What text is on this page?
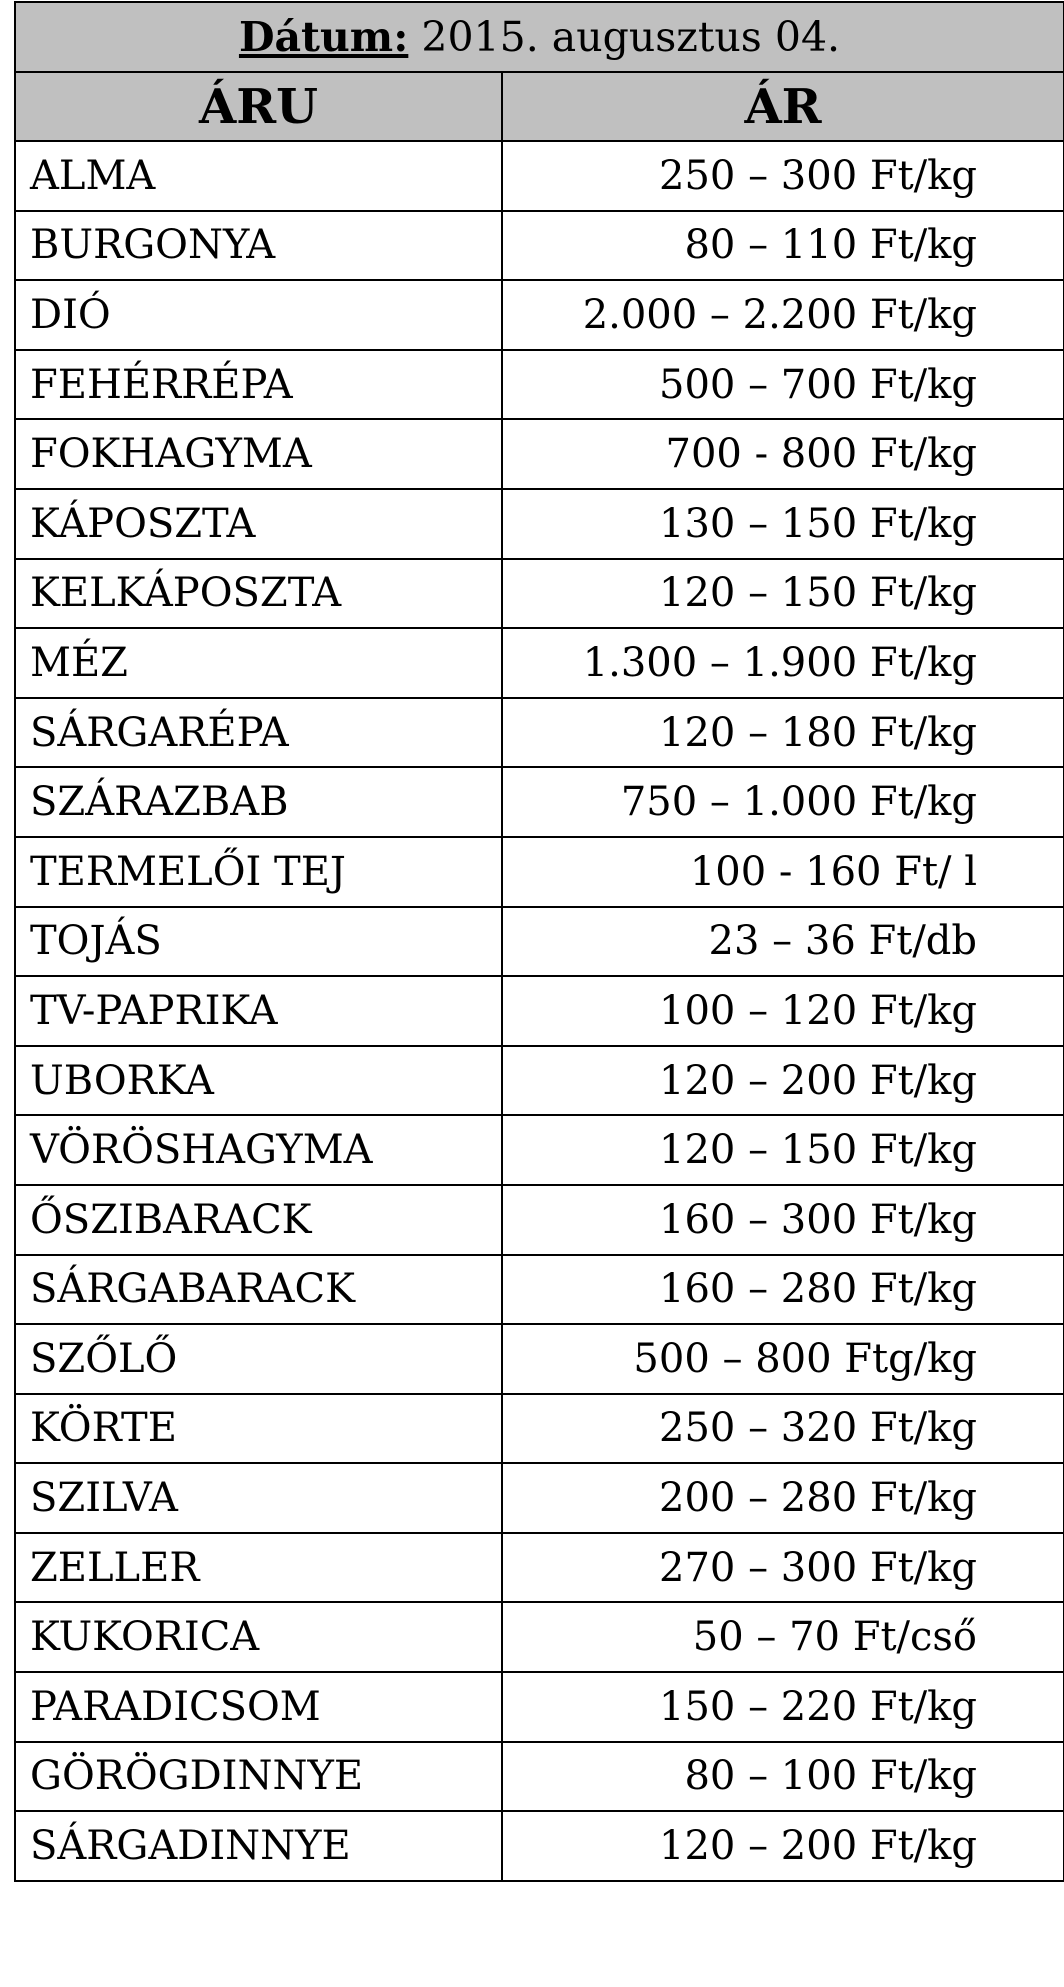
Dátum: 2015. augusztus 04.	
ÁRU	ÁR
ALMA	250 – 300 Ft/kg
BURGONYA	80 – 110 Ft/kg
DIÓ	2.000 – 2.200 Ft/kg
FEHÉRRÉPA	500 – 700 Ft/kg
FOKHAGYMA	700 - 800 Ft/kg
KÁPOSZTA	130 – 150 Ft/kg
KELKÁPOSZTA	120 – 150 Ft/kg
MÉZ	1.300 – 1.900 Ft/kg
SÁRGARÉPA	120 – 180 Ft/kg
SZÁRAZBAB	750 – 1.000 Ft/kg
TERMELŐI TEJ	100 - 160 Ft/ l
TOJÁS	23 – 36 Ft/db
TV-PAPRIKA	100 – 120 Ft/kg
UBORKA	120 – 200 Ft/kg
VÖRÖSHAGYMA	120 – 150 Ft/kg
ŐSZIBARACK	160 – 300 Ft/kg
SÁRGABARACK	160 – 280 Ft/kg
SZŐLŐ	500 – 800 Ftg/kg
KÖRTE	250 – 320 Ft/kg
SZILVA	200 – 280 Ft/kg
ZELLER	270 – 300 Ft/kg
KUKORICA	50 – 70 Ft/cső
PARADICSOM	150 – 220 Ft/kg
GÖRÖGDINNYE	80 – 100 Ft/kg
SÁRGADINNYE	120 – 200 Ft/kg
